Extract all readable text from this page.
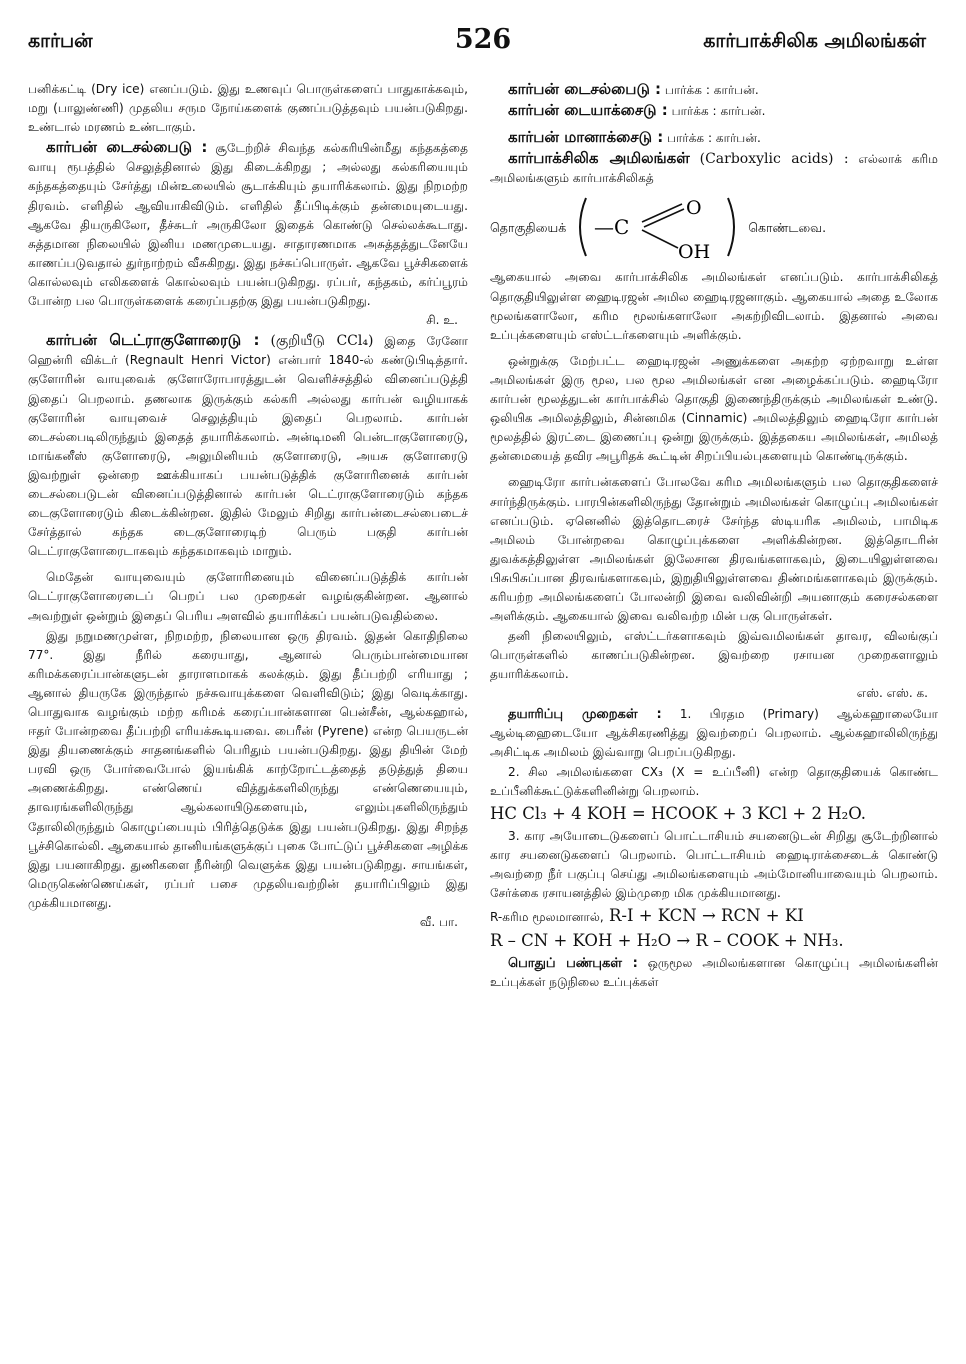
கார்பன்	526	கார்பாக்சிலிக அமிலங்கள்

பனிக்கட்டி (Dry ice) எனப்படும். இது உணவுப் பொருள்களைப் பாதுகாக்கவும், மறு (பாலுண்ணி) முதலிய சரும நோய்களைக் குணப்படுத்தவும் பயன்படுகிறது. உண்டால் மரணம் உண்டாகும்.

கார்பன் டைசல்பைடு : சூடேற்றிச் சிவந்த கல்கரியின்மீது கந்தகத்தை வாயு ரூபத்தில் செலுத்தினால் இது கிடைக்கிறது ; அல்லது கல்கரியையும் கந்தகத்தையும் சேர்த்து மின்உலையில் சூடாக்கியும் தயாரிக்கலாம். இது நிறமற்ற திரவம். எளிதில் ஆவியாகிவிடும். எளிதில் தீப்பிடிக்கும் தன்மையுடையது. ஆகவே தியருகிலோ, தீச்சுடர் அருகிலோ இதைக் கொண்டு செல்லக்கூடாது. சுத்தமான நிலையில் இனிய மணமுடையது. சாதாரணமாக அசுத்தத்துடனேயே காணப்படுவதால் துர்நாற்றம் வீசுகிறது. இது நச்சுப்பொருள். ஆகவே பூச்சிகளைக் கொல்லவும் எலிகளைக் கொல்லவும் பயன்படுகிறது. ரப்பர், கந்தகம், கர்ப்பூரம் போன்ற பல பொருள்களைக் கரைப்பதற்கு இது பயன்படுகிறது.
சி. உ.

கார்பன் டெட்ராகுளோரைடு : (குறியீடு CCl₄) இதை ரேனோ ஹென்ரி விக்டர் (Regnault Henri Victor) என்பார் 1840-ல் கண்டுபிடித்தார். குளோரின் வாயுவைக் குளோரோபாரத்துடன் வெளிச்சத்தில் வினைப்படுத்தி இதைப் பெறலாம். தணலாக இருக்கும் கல்கரி அல்லது கார்பன் வழியாகக் குளோரின் வாயுவைச் செலுத்தியும் இதைப் பெறலாம். கார்பன் டைசல்பைடிலிருந்தும் இதைத் தயாரிக்கலாம். அன்டிமனி பென்டாகுளோரைடு, மாங்கனீஸ் குளோரைடு, அலுமினியம் குளோரைடு, அயசு குளோரைடு இவற்றுள் ஒன்றை ஊக்கியாகப் பயன்படுத்திக் குளோரினைக் கார்பன் டைசல்பைடுடன் வினைப்படுத்தினால் கார்பன் டெட்ராகுளோரைடும் கந்தக டைகுளோரைடும் கிடைக்கின்றன. இதில் மேலும் சிறிது கார்பன்டைசல்பைடைச் சேர்த்தால் கந்தக டைகுளோரைடிற் பெரும் பகுதி கார்பன் டெட்ராகுளோரைடாகவும் கந்தகமாகவும் மாறும்.

மெதேன் வாயுவையும் குளோரினையும் வினைப்படுத்திக் கார்பன் டெட்ராகுளோரைடைப் பெறப் பல முறைகள் வழங்குகின்றன. ஆனால் அவற்றுள் ஒன்றும் இதைப் பெரிய அளவில் தயாரிக்கப் பயன்படுவதில்லை.

இது நறுமணமுள்ள, நிறமற்ற, நிலையான ஒரு திரவம். இதன் கொதிநிலை 77°. இது நீரில் கரையாது, ஆனால் பெரும்பான்மையான கரிமக்கரைப்பான்களுடன் தாராளமாகக் கலக்கும். இது தீப்பற்றி எரியாது ; ஆனால் தியருகே இருந்தால் நச்சுவாயுக்களை வெளிவிடும்; இது வெடிக்காது. பொதுவாக வழங்கும் மற்ற கரிமக் கரைப்பான்களான பென்சீன், ஆல்கஹால், ஈதர் போன்றவை தீப்பற்றி எரியக்கூடியவை. பைரீன் (Pyrene) என்ற பெயருடன் இது தியணைக்கும் சாதனங்களில் பெரிதும் பயன்படுகிறது. இது தியின் மேற் பரவி ஒரு போர்வைபோல் இயங்கிக் காற்றோட்டத்தைத் தடுத்துத் தியை அணைக்கிறது. எண்ணெய் வித்துக்களிலிருந்து எண்ணெயையும், தாவரங்களிலிருந்து ஆல்கலாயிடுகளையும், எலும்புகளிலிருந்தும் தோலிலிருந்தும் கொழுப்பையும் பிரித்தெடுக்க இது பயன்படுகிறது. இது சிறந்த பூச்சிகொல்லி. ஆகையால் தானியங்களுக்குப் புகை போட்டுப் பூச்சிகளை அழிக்க இது பயனாகிறது. துணிகளை நீரின்றி வெளுக்க இது பயன்படுகிறது. சாயங்கள், மெருகெண்ணெய்கள், ரப்பர் பசை முதலியவற்றின் தயாரிப்பிலும் இது முக்கியமானது.
வீ. பா.

கார்பன் டைசல்பைடு : பார்க்க : கார்பன்.

கார்பன் டையாக்சைடு : பார்க்க : கார்பன்.

கார்பன் மானாக்சைடு : பார்க்க : கார்பன்.

கார்பாக்சிலிக அமிலங்கள் (Carboxylic acids) : எல்லாக் கரிம அமிலங்களும் கார்பாக்சிலிகத்

தொகுதியைக் —C
O
OH
கொண்டவை.

ஆகையால் அவை கார்பாக்சிலிக அமிலங்கள் எனப்படும். கார்பாக்சிலிகத் தொகுதியிலுள்ள ஹைடிரஜன் அமில ஹைடிரஜனாகும். ஆகையால் அதை உலோக மூலங்களாலோ, கரிம மூலங்களாலோ அகற்றிவிடலாம். இதனால் அவை உப்புக்களையும் எஸ்ட்டர்களையும் அளிக்கும்.

ஒன்றுக்கு மேற்பட்ட ஹைடிரஜன் அணுக்களை அகற்ற ஏற்றவாறு உள்ள அமிலங்கள் இரு மூல, பல மூல அமிலங்கள் என அழைக்கப்படும். ஹைடிரோ கார்பன் மூலத்துடன் கார்பாக்சில் தொகுதி இணைந்திருக்கும் அமிலங்கள் உண்டு. ஒலியிக அமிலத்திலும், சின்னமிக (Cinnamic) அமிலத்திலும் ஹைடிரோ கார்பன் மூலத்தில் இரட்டை இணைப்பு ஒன்று இருக்கும். இத்தகைய அமிலங்கள், அமிலத் தன்மையைத் தவிர அபூரிதக் கூட்டின் சிறப்பியல்புகளையும் கொண்டிருக்கும்.

ஹைடிரோ கார்பன்களைப் போலவே கரிம அமிலங்களும் பல தொகுதிகளைச் சார்ந்திருக்கும். பாரபின்களிலிருந்து தோன்றும் அமிலங்கள் கொழுப்பு அமிலங்கள் எனப்படும். ஏனெனில் இத்தொடரைச் சேர்ந்த ஸ்டியரிக அமிலம், பாமிடிக அமிலம் போன்றவை கொழுப்புக்களை அளிக்கின்றன. இத்தொடரின் துவக்கத்திலுள்ள அமிலங்கள் இலேசான திரவங்களாகவும், இடையிலுள்ளவை பிசுபிசுப்பான திரவங்களாகவும், இறுதியிலுள்ளவை திண்மங்களாகவும் இருக்கும். கரியற்ற அமிலங்களைப் போலன்றி இவை வலிவின்றி அயனாகும் கரைசல்களை அளிக்கும். ஆகையால் இவை வலிவற்ற மின் பகு பொருள்கள்.

தனி நிலையிலும், எஸ்ட்டர்களாகவும் இவ்வமிலங்கள் தாவர, விலங்குப் பொருள்களில் காணப்படுகின்றன. இவற்றை ரசாயன முறைகளாலும் தயாரிக்கலாம்.
எஸ். எஸ். க.

தயாரிப்பு முறைகள் : 1. பிரதம (Primary) ஆல்கஹாலையோ ஆல்டிஹைடையோ ஆக்சிகரணித்து இவற்றைப் பெறலாம். ஆல்கஹாலிலிருந்து அசிட்டிக அமிலம் இவ்வாறு பெறப்படுகிறது.

2. சில அமிலங்களை CX₃ (X = உப்பீனி) என்ற தொகுதியைக் கொண்ட உப்பீனிக்கூட்டுக்களினின்று பெறலாம்.

HC Cl₃ + 4 KOH = HCOOK + 3 KCl + 2 H₂O.

3. கார அயோடைடுகளைப் பொட்டாசியம் சயனைடுடன் சிறிது சூடேற்றினால் கார சயனைடுகளைப் பெறலாம். பொட்டாசியம் ஹைடிராக்சைடைக் கொண்டு அவற்றை நீர் பகுப்பு செய்து அமிலங்களையும் அம்மோனியாவையும் பெறலாம். சேர்க்கை ரசாயனத்தில் இம்முறை மிக முக்கியமானது.

R-கரிம மூலமானால், R-I + KCN → RCN + KI

R – CN + KOH + H₂O → R – COOK + NH₃.

பொதுப் பண்புகள் : ஒருமூல அமிலங்களான கொழுப்பு அமிலங்களின் உப்புக்கள் நடுநிலை உப்புக்கள்
